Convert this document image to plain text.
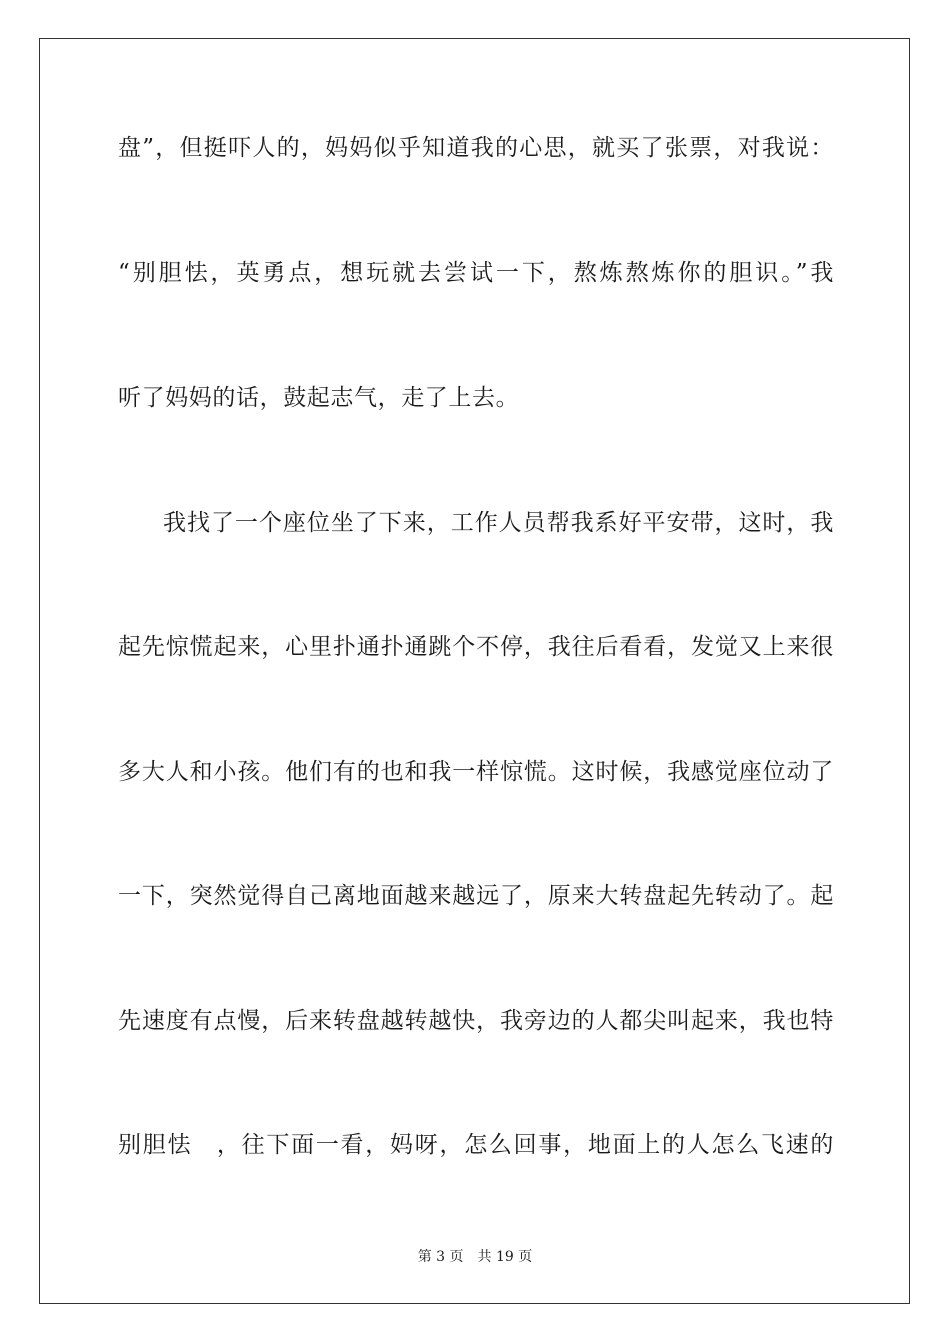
盘”，但挺吓人的，妈妈似乎知道我的心思，就买了张票，对我说：
“别胆怯，英勇点，想玩就去尝试一下，熬炼熬炼你的胆识。”我
听了妈妈的话，鼓起志气，走了上去。
我找了一个座位坐了下来，工作人员帮我系好平安带，这时，我
起先惊慌起来，心里扑通扑通跳个不停，我往后看看，发觉又上来很
多大人和小孩。他们有的也和我一样惊慌。这时候，我感觉座位动了
一下，突然觉得自己离地面越来越远了，原来大转盘起先转动了。起
先速度有点慢，后来转盘越转越快，我旁边的人都尖叫起来，我也特
别胆怯　，往下面一看，妈呀，怎么回事，地面上的人怎么飞速的
第 3 页　共 19 页
